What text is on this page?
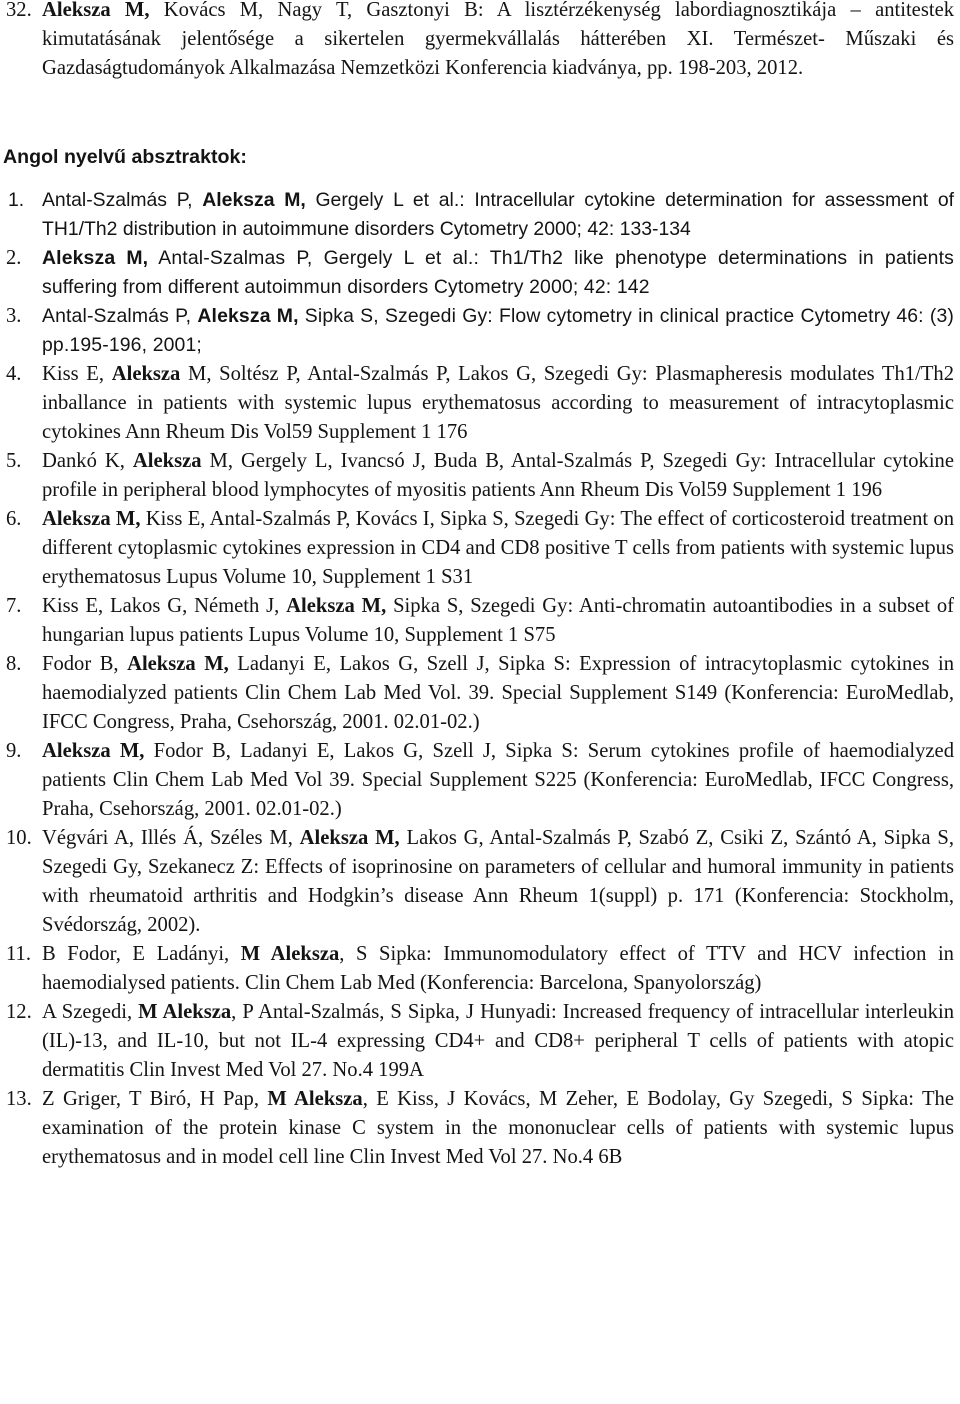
32. Aleksza M, Kovács M, Nagy T, Gasztonyi B: A lisztérzékenység labordiagnosztikája – antitestek kimutatásának jelentősége a sikertelen gyermekvállalás hátterében XI. Természet- Műszaki és Gazdaságtudományok Alkalmazása Nemzetközi Konferencia kiadványa, pp. 198-203, 2012.
Angol nyelvű absztraktok:
1. Antal-Szalmás P, Aleksza M, Gergely L et al.: Intracellular cytokine determination for assessment of TH1/Th2 distribution in autoimmune disorders Cytometry 2000; 42: 133-134
2. Aleksza M, Antal-Szalmas P, Gergely L et al.: Th1/Th2 like phenotype determinations in patients suffering from different autoimmun disorders Cytometry 2000; 42: 142
3. Antal-Szalmás P, Aleksza M, Sipka S, Szegedi Gy: Flow cytometry in clinical practice Cytometry 46: (3) pp.195-196, 2001;
4. Kiss E, Aleksza M, Soltész P, Antal-Szalmás P, Lakos G, Szegedi Gy: Plasmapheresis modulates Th1/Th2 inballance in patients with systemic lupus erythematosus according to measurement of intracytoplasmic cytokines Ann Rheum Dis Vol59 Supplement 1 176
5. Dankó K, Aleksza M, Gergely L, Ivancsó J, Buda B, Antal-Szalmás P, Szegedi Gy: Intracellular cytokine profile in peripheral blood lymphocytes of myositis patients Ann Rheum Dis Vol59 Supplement 1 196
6. Aleksza M, Kiss E, Antal-Szalmás P, Kovács I, Sipka S, Szegedi Gy: The effect of corticosteroid treatment on different cytoplasmic cytokines expression in CD4 and CD8 positive T cells from patients with systemic lupus erythematosus Lupus Volume 10, Supplement 1 S31
7. Kiss E, Lakos G, Németh J, Aleksza M, Sipka S, Szegedi Gy: Anti-chromatin autoantibodies in a subset of hungarian lupus patients Lupus Volume 10, Supplement 1 S75
8. Fodor B, Aleksza M, Ladanyi E, Lakos G, Szell J, Sipka S: Expression of intracytoplasmic cytokines in haemodialyzed patients Clin Chem Lab Med Vol. 39. Special Supplement S149 (Konferencia: EuroMedlab, IFCC Congress, Praha, Csehország, 2001. 02.01-02.)
9. Aleksza M, Fodor B, Ladanyi E, Lakos G, Szell J, Sipka S: Serum cytokines profile of haemodialyzed patients Clin Chem Lab Med Vol 39. Special Supplement S225 (Konferencia: EuroMedlab, IFCC Congress, Praha, Csehország, 2001. 02.01-02.)
10. Végvári A, Illés Á, Széles M, Aleksza M, Lakos G, Antal-Szalmás P, Szabó Z, Csiki Z, Szántó A, Sipka S, Szegedi Gy, Szekanecz Z: Effects of isoprinosine on parameters of cellular and humoral immunity in patients with rheumatoid arthritis and Hodgkin’s disease Ann Rheum 1(suppl) p. 171 (Konferencia: Stockholm, Svédország, 2002).
11. B Fodor, E Ladányi, M Aleksza, S Sipka: Immunomodulatory effect of TTV and HCV infection in haemodialysed patients. Clin Chem Lab Med (Konferencia: Barcelona, Spanyolország)
12. A Szegedi, M Aleksza, P Antal-Szalmás, S Sipka, J Hunyadi: Increased frequency of intracellular interleukin (IL)-13, and IL-10, but not IL-4 expressing CD4+ and CD8+ peripheral T cells of patients with atopic dermatitis Clin Invest Med Vol 27. No.4 199A
13. Z Griger, T Biró, H Pap, M Aleksza, E Kiss, J Kovács, M Zeher, E Bodolay, Gy Szegedi, S Sipka: The examination of the protein kinase C system in the mononuclear cells of patients with systemic lupus erythematosus and in model cell line Clin Invest Med Vol 27. No.4 6B
